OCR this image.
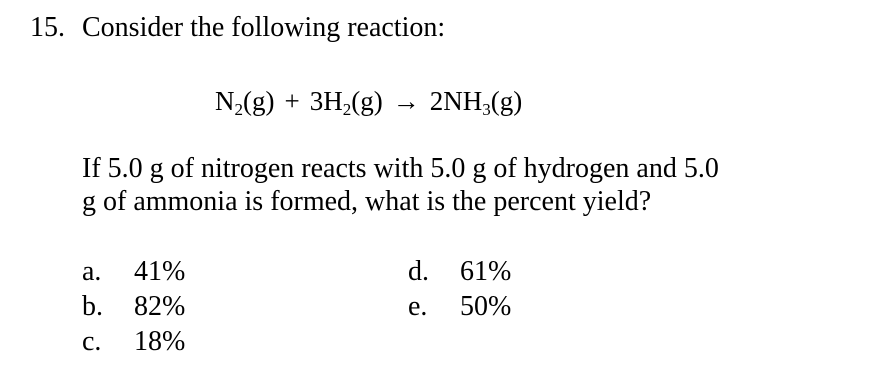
15. Consider the following reaction:
N2(g) + 3H2(g) → 2NH3(g)

If 5.0 g of nitrogen reacts with 5.0 g of hydrogen and 5.0

g of ammonia is formed, what is the percent yield?

a. 41%
b. 82%
c. 18%
d. 61%
e. 50%
